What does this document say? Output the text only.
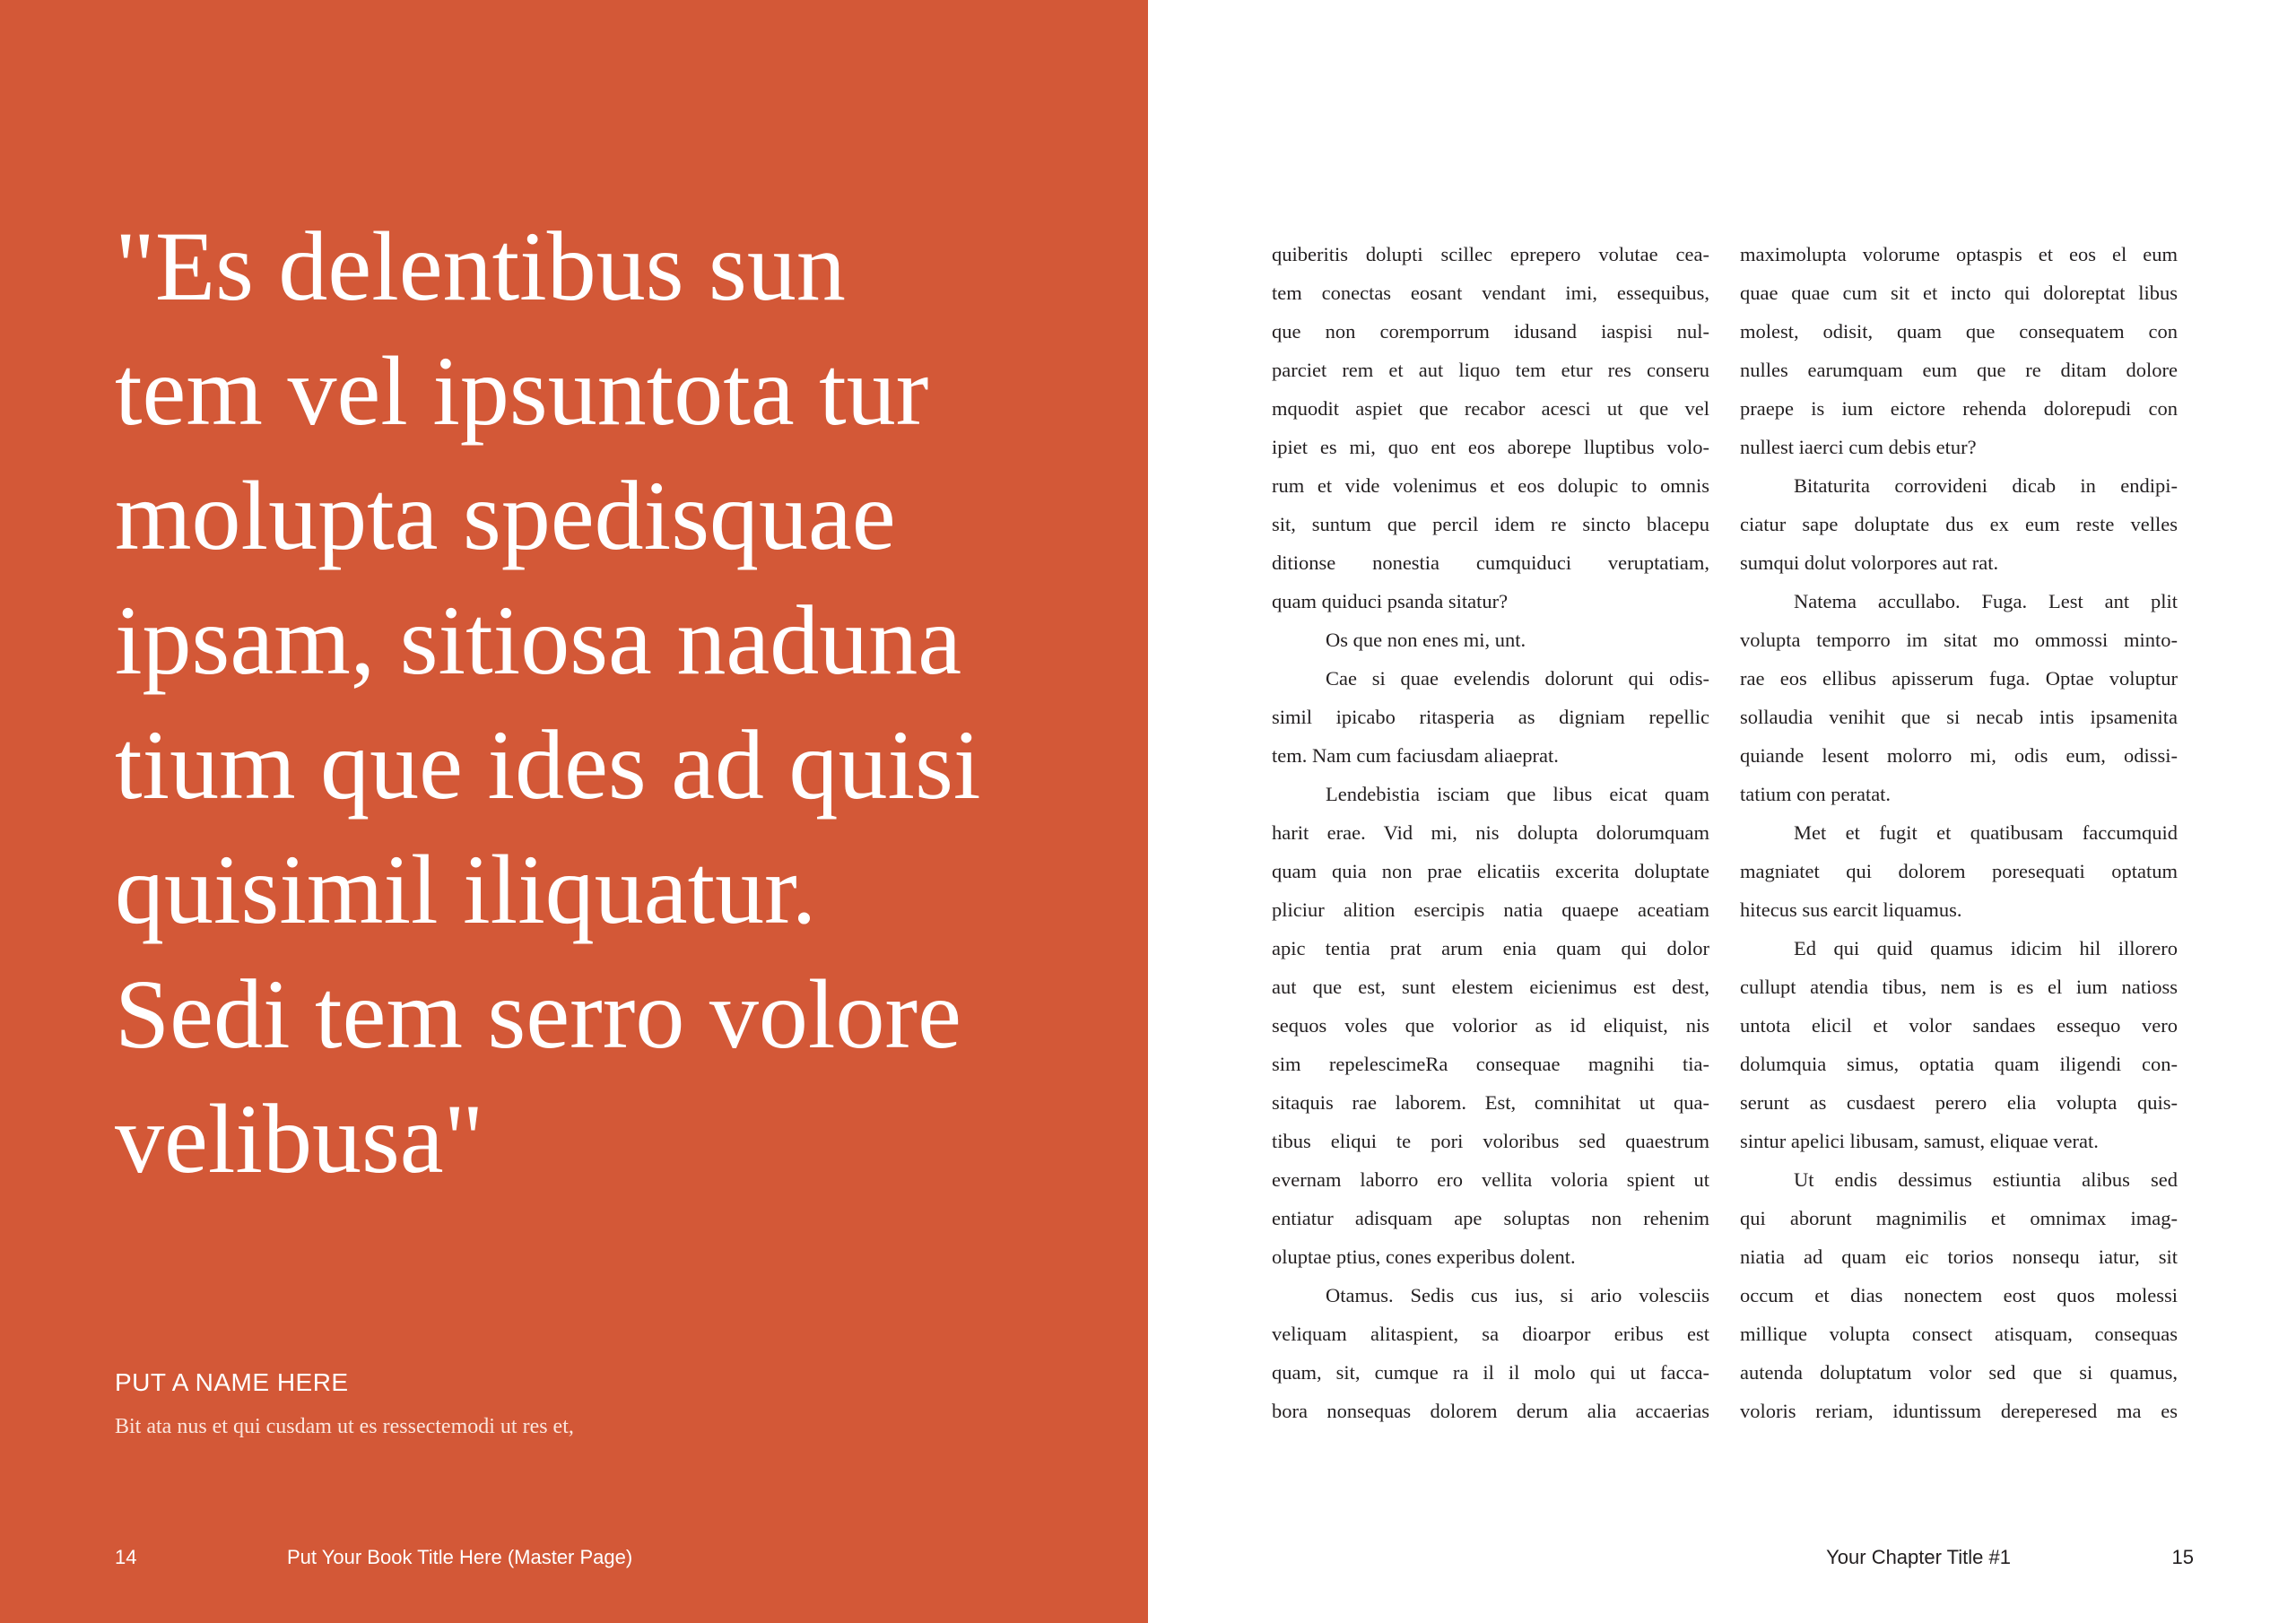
"Es delentibus sun
tem vel ipsuntota tur
molupta spedisquae
ipsam, sitiosa naduna
tium que ides ad quisi
quisimil iliquatur.
Sedi tem serro volore
velibusa"
PUT A NAME HERE
Bit ata nus et qui cusdam ut es ressectemodi ut res et,
14	Put Your Book Title Here (Master Page)
quiberitis dolupti scillec eprepero volutae cea-
tem conectas eosant vendant imi, essequibus,
que non coremporrum idusand iaspisi nul-
parciet rem et aut liquo tem etur res conseru
mquodit aspiet que recabor acesci ut que vel
ipiet es mi, quo ent eos aborepe lluptibus volo-
rum et vide volenimus et eos dolupic to omnis
sit, suntum que percil idem re sincto blacepu
ditionse nonestia cumquiduci veruptatiam,
quam quiduci psanda sitatur?
Os que non enes mi, unt.
Cae si quae evelendis dolorunt qui odis-
simil ipicabo ritasperia as digniam repellic
tem. Nam cum faciusdam aliaeprat.
Lendebistia isciam que libus eicat quam
harit erae. Vid mi, nis dolupta dolorumquam
quam quia non prae elicatiis excerita doluptate
pliciur alition esercipis natia quaepe aceatiam
apic tentia prat arum enia quam qui dolor
aut que est, sunt elestem eicienimus est dest,
sequos voles que volorior as id eliquist, nis
sim repelescimeRa consequae magnihi tia-
sitaquis rae laborem. Est, comnihitat ut qua-
tibus eliqui te pori voloribus sed quaestrum
evernam laborro ero vellita voloria spient ut
entiatur adisquam ape soluptas non rehenim
oluptae ptius, cones experibus dolent.
Otamus. Sedis cus ius, si ario volesciis
veliquam alitaspient, sa dioarpor eribus est
quam, sit, cumque ra il il molo qui ut facca-
bora nonsequas dolorem derum alia accaerias
maximolupta volorume optaspis et eos el eum
quae quae cum sit et incto qui doloreptat libus
molest, odisit, quam que consequatem con
nulles earumquam eum que re ditam dolore
praepe is ium eictore rehenda dolorepudi con
nullest iaerci cum debis etur?
Bitaturita corrovideni dicab in endipi-
ciatur sape doluptate dus ex eum reste velles
sumqui dolut volorpores aut rat.
Natema accullabo. Fuga. Lest ant plit
volupta temporro im sitat mo ommossi minto-
rae eos ellibus apisserum fuga. Optae voluptur
sollaudia venihit que si necab intis ipsamenita
quiande lesent molorro mi, odis eum, odissi-
tatium con peratat.
Met et fugit et quatibusam faccumquid
magniatet qui dolorem poresequati optatum
hitecus sus earcit liquamus.
Ed qui quid quamus idicim hil illorero
cullupt atendia tibus, nem is es el ium natioss
untota elicil et volor sandaes essequo vero
dolumquia simus, optatia quam iligendi con-
serunt as cusdaest perero elia volupta quis-
sintur apelici libusam, samust, eliquae verat.
Ut endis dessimus estiuntia alibus sed
qui aborunt magnimilis et omnimax imag-
niatia ad quam eic torios nonsequ iatur, sit
occum et dias nonectem eost quos molessi
millique volupta consect atisquam, consequas
autenda doluptatum volor sed que si quamus,
voloris reriam, iduntissum dereperesed ma es
Your Chapter Title #1	15
